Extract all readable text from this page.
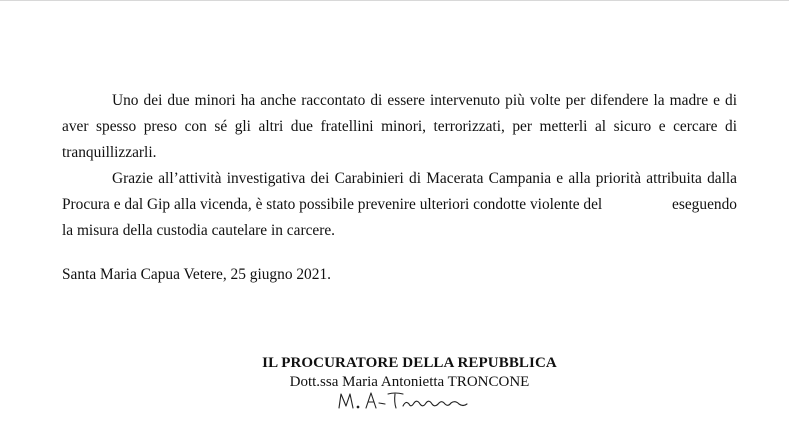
Uno dei due minori ha anche raccontato di essere intervenuto più volte per difendere la madre e di
aver spesso preso con sé gli altri due fratellini minori, terrorizzati, per metterli al sicuro e cercare di
tranquillizzarli.
Grazie all’attività investigativa dei Carabinieri di Macerata Campania e alla priorità attribuita dalla
Procura e dal Gip alla vicenda, è stato possibile prevenire ulteriori condotte violente del	eseguendo
la misura della custodia cautelare in carcere.
Santa Maria Capua Vetere, 25 giugno 2021.
IL PROCURATORE DELLA REPUBBLICA
Dott.ssa Maria Antonietta TRONCONE
